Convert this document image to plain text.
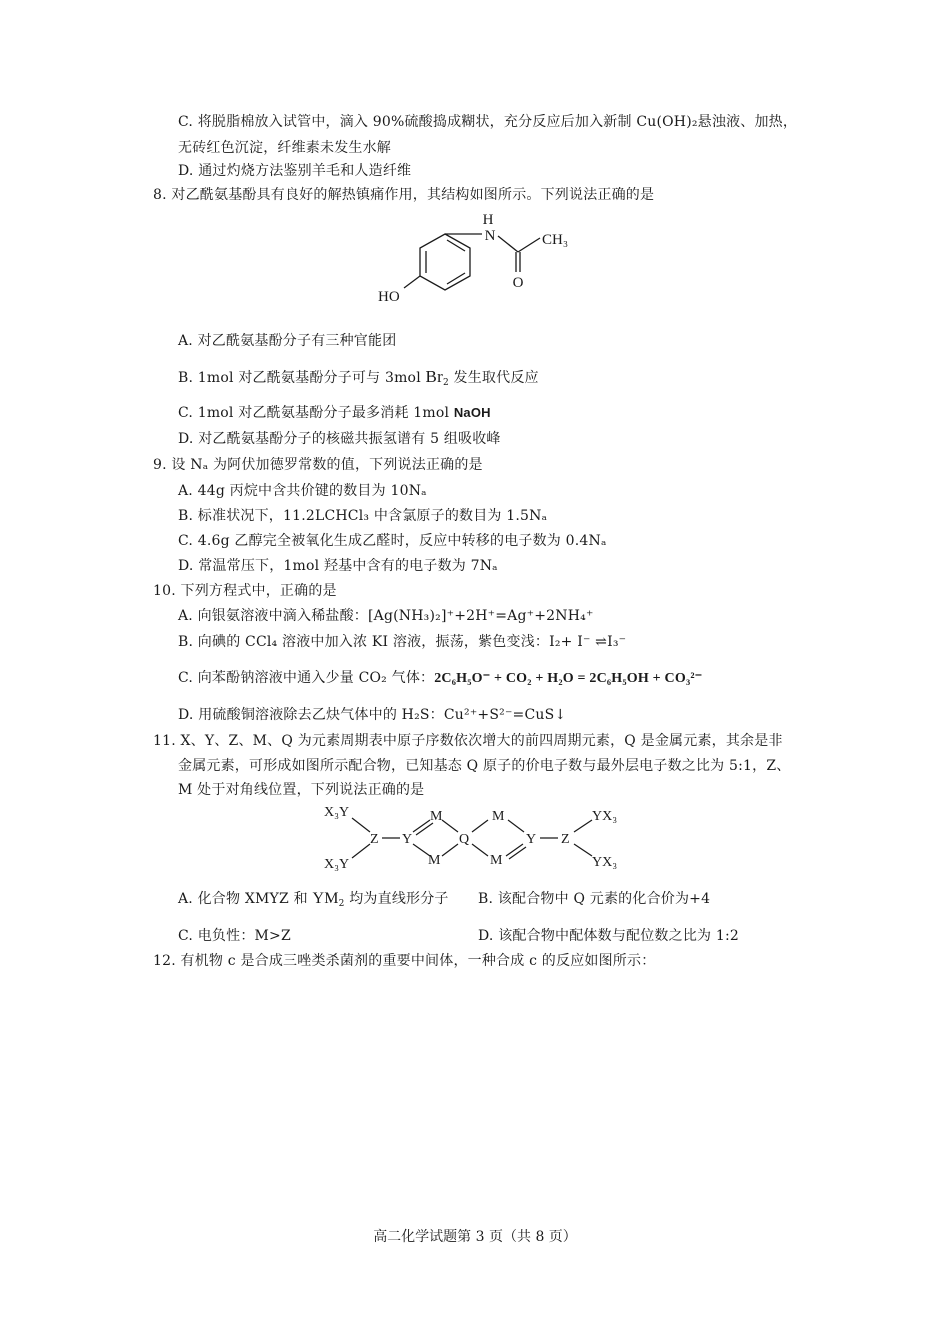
C. 将脱脂棉放入试管中，滴入 90%硫酸捣成糊状，充分反应后加入新制 Cu(OH)₂悬浊液、加热，
无砖红色沉淀，纤维素未发生水解
D. 通过灼烧方法鉴别羊毛和人造纤维
8. 对乙酰氨基酚具有良好的解热镇痛作用，其结构如图所示。下列说法正确的是
H
N	CH₃
O
HO
A. 对乙酰氨基酚分子有三种官能团
B. 1mol 对乙酰氨基酚分子可与 3mol $Br_2$ 发生取代反应
C. 1mol 对乙酰氨基酚分子最多消耗 1mol NaOH
D. 对乙酰氨基酚分子的核磁共振氢谱有 5 组吸收峰
9. 设 Nₐ 为阿伏加德罗常数的值，下列说法正确的是
A. 44g 丙烷中含共价键的数目为 10Nₐ
B. 标准状况下，11.2LCHCl₃ 中含氯原子的数目为 1.5Nₐ
C. 4.6g 乙醇完全被氧化生成乙醛时，反应中转移的电子数为 0.4Nₐ
D. 常温常压下，1mol 羟基中含有的电子数为 7Nₐ
10. 下列方程式中，正确的是
A. 向银氨溶液中滴入稀盐酸：[Ag(NH₃)₂]⁺+2H⁺=Ag⁺+2NH₄⁺
B. 向碘的 CCl₄ 溶液中加入浓 KI 溶液，振荡，紫色变浅：I₂+ I⁻ ⇌I₃⁻
C. 向苯酚钠溶液中通入少量 CO₂ 气体：2C₆H₅O⁻ + CO₂ + H₂O = 2C₆H₅OH + CO₃²⁻
D. 用硫酸铜溶液除去乙炔气体中的 H₂S：Cu²⁺+S²⁻=CuS↓
11. X、Y、Z、M、Q 为元素周期表中原子序数依次增大的前四周期元素，Q 是金属元素，其余是非
金属元素，可形成如图所示配合物，已知基态 Q 原子的价电子数与最外层电子数之比为 5:1，Z、
M 处于对角线位置，下列说法正确的是
X₃Y
X₃Y
Z Y
M
M
Q
M
M
Y Z
YX₃
YX₃
A. 化合物 XMYZ 和 $YM_2$ 均为直线形分子 B. 该配合物中 Q 元素的化合价为+4
C. 电负性：M>Z	D. 该配合物中配体数与配位数之比为 1:2
12. 有机物 c 是合成三唑类杀菌剂的重要中间体，一种合成 c 的反应如图所示：
高二化学试题第 3 页（共 8 页）
